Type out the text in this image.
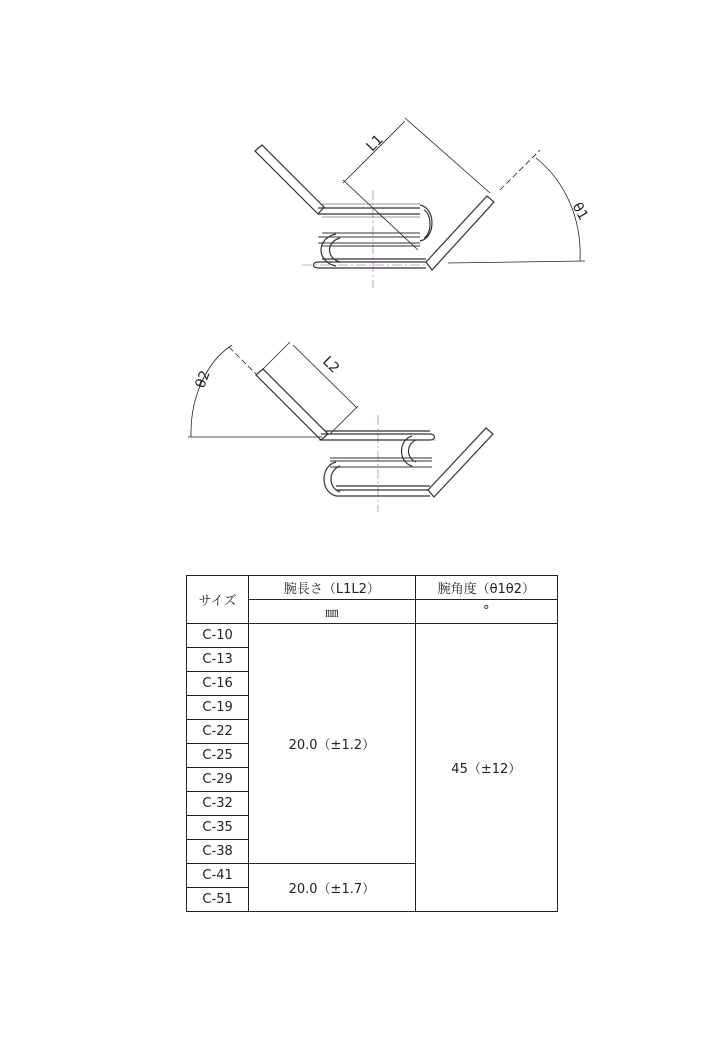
L1
θ1
L2
θ2
サイズ	腕長さ（L1L2）	腕角度（θ1θ2）
	㎜	°
C-10	20.0（±1.2）	45（±12）
C-13		
C-16		
C-19		
C-22		
C-25		
C-29		
C-32		
C-35		
C-38		
C-41	20.0（±1.7）	
C-51		
